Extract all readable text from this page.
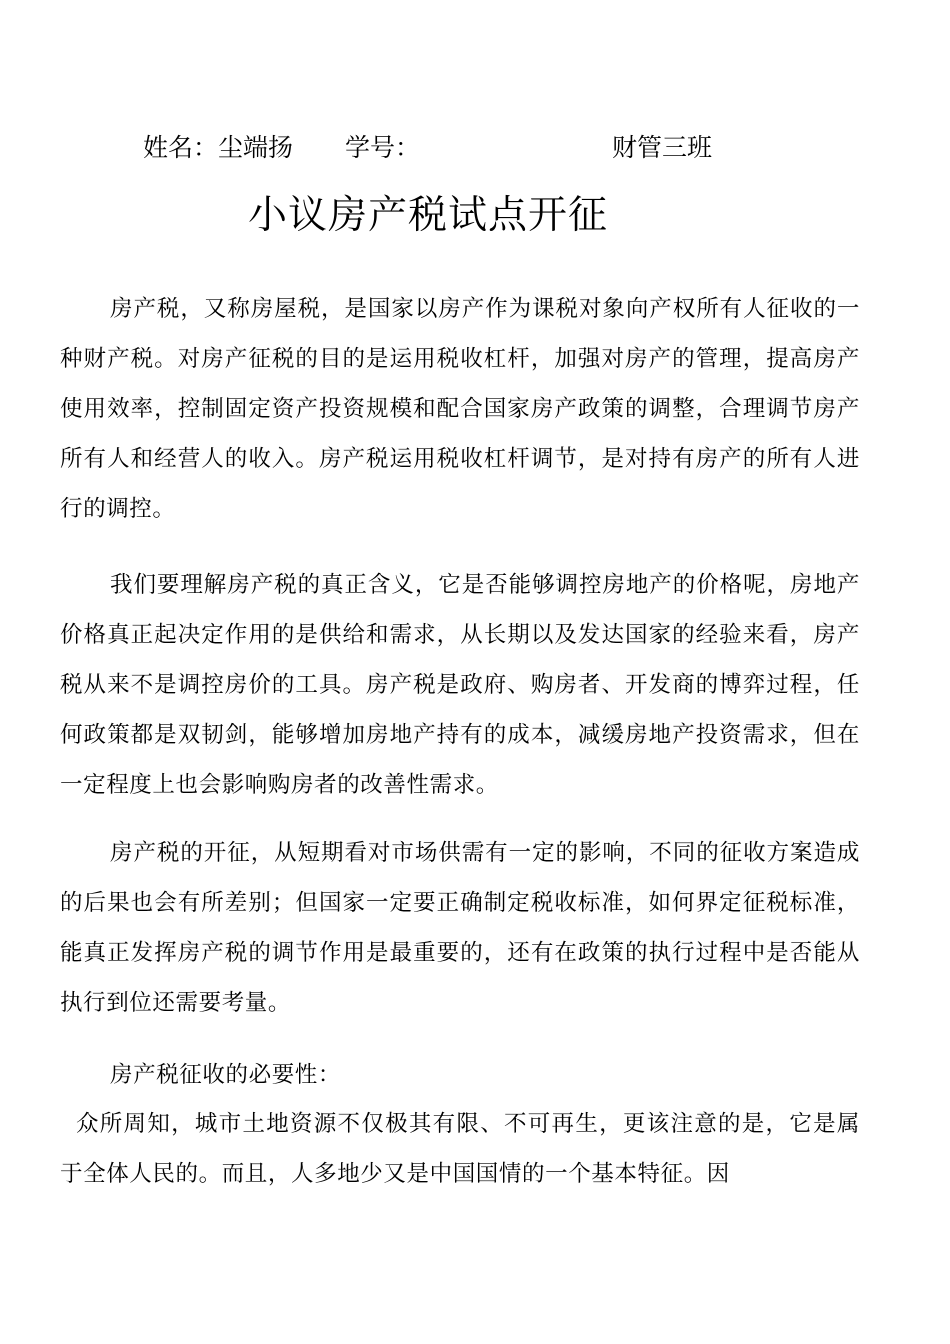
姓名：尘端扬 学号：	财管三班
小议房产税试点开征

房产税，又称房屋税，是国家以房产作为课税对象向产权所有人征收的一种财产税。对房产征税的目的是运用税收杠杆，加强对房产的管理，提高房产使用效率，控制固定资产投资规模和配合国家房产政策的调整，合理调节房产所有人和经营人的收入。房产税运用税收杠杆调节，是对持有房产的所有人进行的调控。

我们要理解房产税的真正含义，它是否能够调控房地产的价格呢，房地产价格真正起决定作用的是供给和需求，从长期以及发达国家的经验来看，房产税从来不是调控房价的工具。房产税是政府、购房者、开发商的博弈过程，任何政策都是双韧剑，能够增加房地产持有的成本，减缓房地产投资需求，但在一定程度上也会影响购房者的改善性需求。

房产税的开征，从短期看对市场供需有一定的影响，不同的征收方案造成的后果也会有所差别；但国家一定要正确制定税收标准，如何界定征税标准，能真正发挥房产税的调节作用是最重要的，还有在政策的执行过程中是否能从执行到位还需要考量。

房产税征收的必要性：

众所周知，城市土地资源不仅极其有限、不可再生，更该注意的是，它是属于全体人民的。而且，人多地少又是中国国情的一个基本特征。因
